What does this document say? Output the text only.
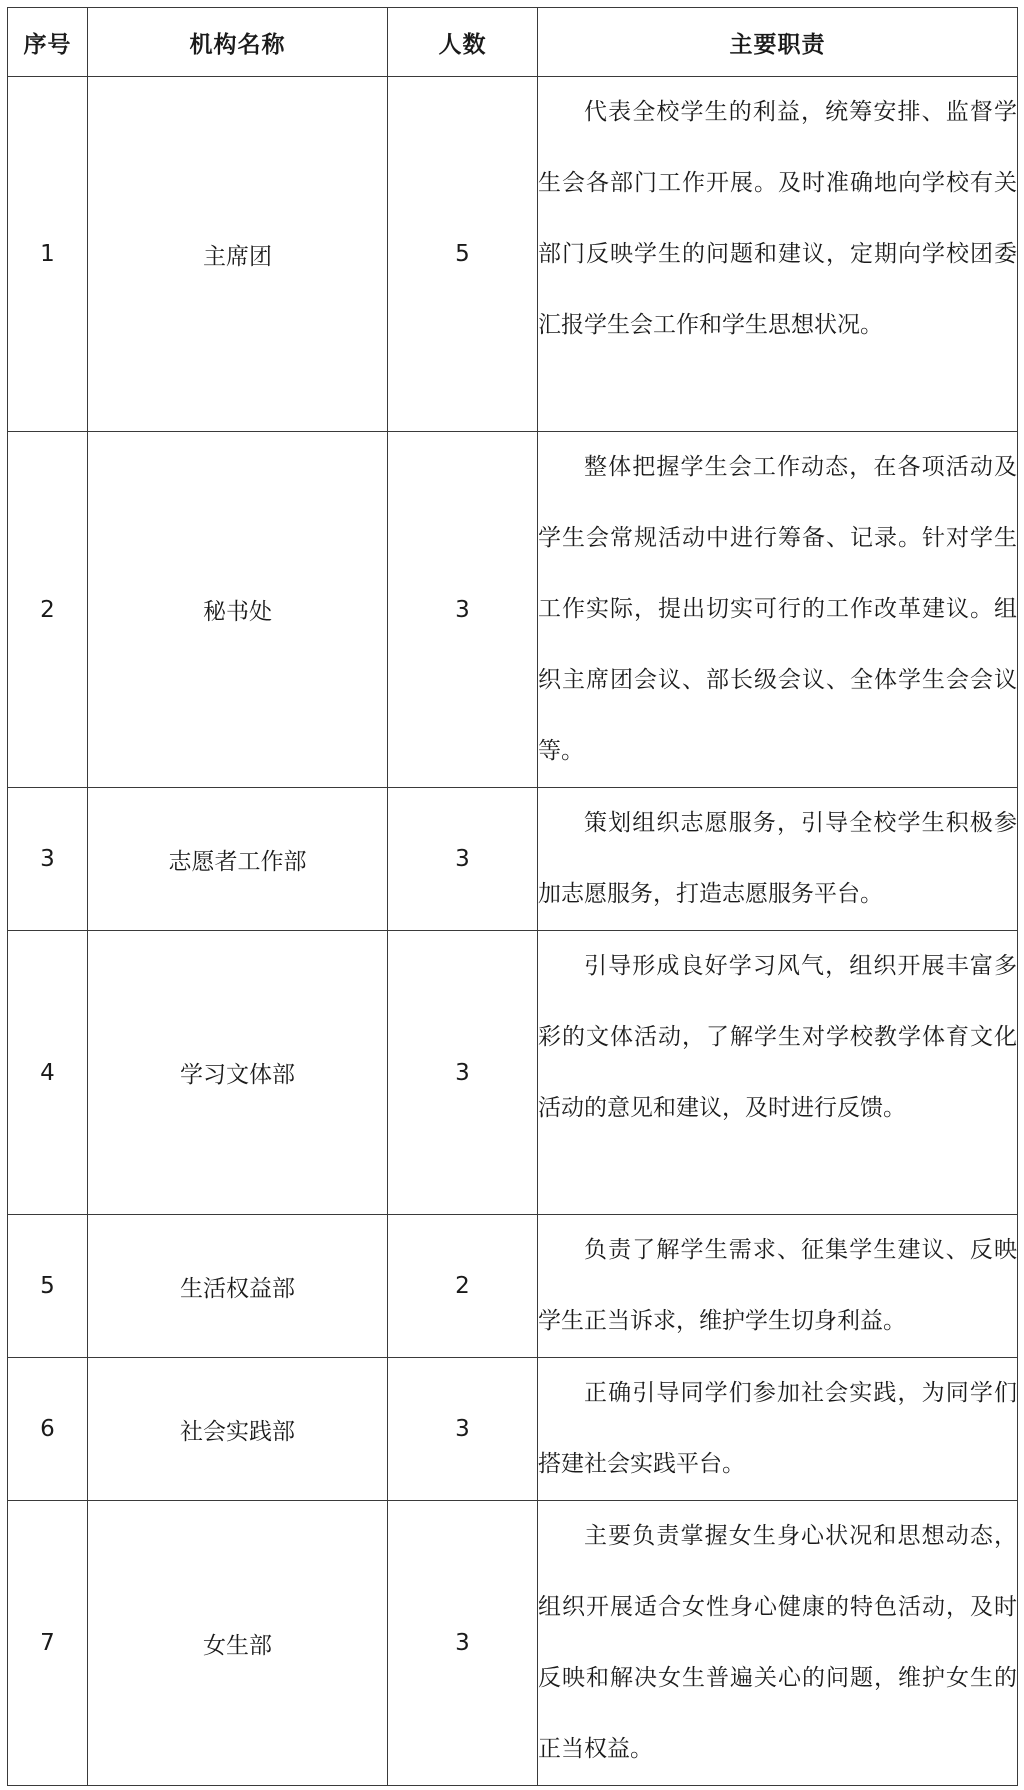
序号	机构名称	人数	主要职责
1	主席团	5	代表全校学生的利益，统筹安排、监督学生会各部门工作开展。及时准确地向学校有关部门反映学生的问题和建议，定期向学校团委汇报学生会工作和学生思想状况。

2	秘书处	3	整体把握学生会工作动态，在各项活动及学生会常规活动中进行筹备、记录。针对学生工作实际，提出切实可行的工作改革建议。组织主席团会议、部长级会议、全体学生会会议等。

3	志愿者工作部	3	策划组织志愿服务，引导全校学生积极参加志愿服务，打造志愿服务平台。

4	学习文体部	3	引导形成良好学习风气，组织开展丰富多彩的文体活动，了解学生对学校教学体育文化活动的意见和建议，及时进行反馈。

5	生活权益部	2	负责了解学生需求、征集学生建议、反映学生正当诉求，维护学生切身利益。

6	社会实践部	3	正确引导同学们参加社会实践，为同学们搭建社会实践平台。

7	女生部	3	主要负责掌握女生身心状况和思想动态，组织开展适合女性身心健康的特色活动，及时反映和解决女生普遍关心的问题，维护女生的正当权益。
